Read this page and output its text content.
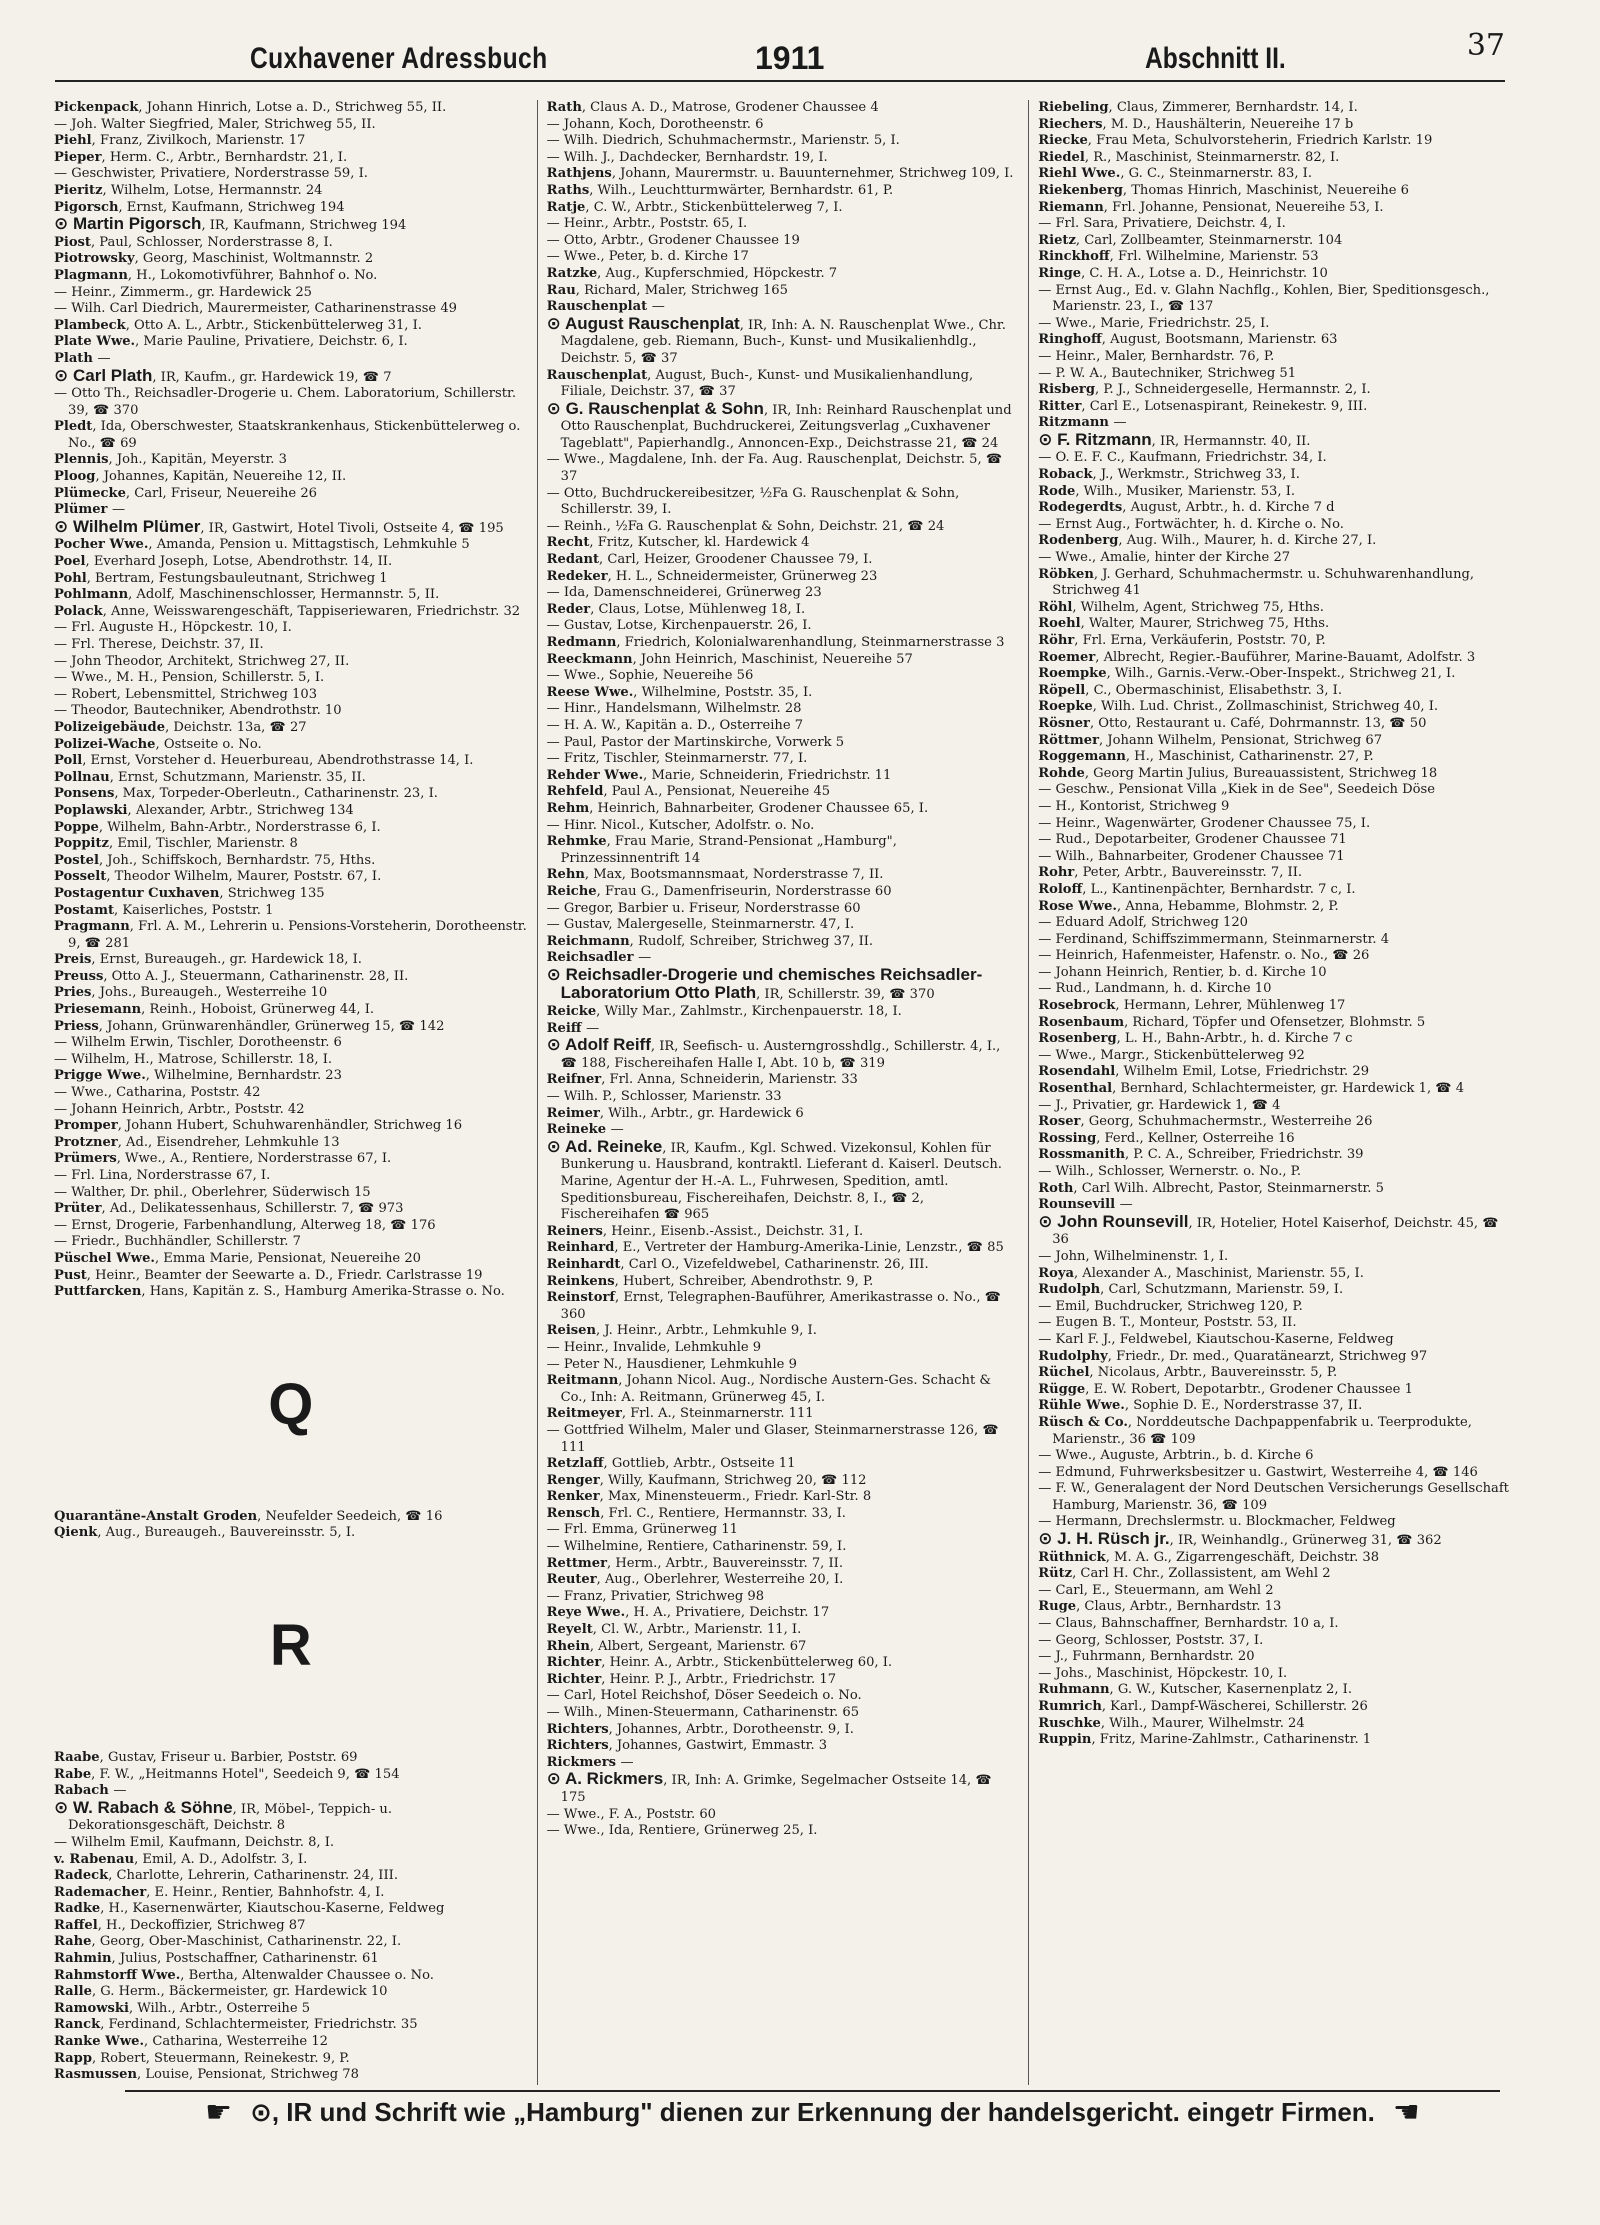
Cuxhavener Adressbuch	1911	Abschnitt II.	37

Pickenpack, Johann Hinrich, Lotse a. D., Strichweg 55, II.

— Joh. Walter Siegfried, Maler, Strichweg 55, II.

Piehl, Franz, Zivilkoch, Marienstr. 17

Pieper, Herm. C., Arbtr., Bernhardstr. 21, I.

— Geschwister, Privatiere, Norderstrasse 59, I.

Pieritz, Wilhelm, Lotse, Hermannstr. 24

Pigorsch, Ernst, Kaufmann, Strichweg 194

⊙ Martin Pigorsch, IR, Kaufmann, Strichweg 194

Piost, Paul, Schlosser, Norderstrasse 8, I.

Piotrowsky, Georg, Maschinist, Woltmannstr. 2

Plagmann, H., Lokomotivführer, Bahnhof o. No.

— Heinr., Zimmerm., gr. Hardewick 25

— Wilh. Carl Diedrich, Maurermeister, Catharinenstrasse 49

Plambeck, Otto A. L., Arbtr., Stickenbüttelerweg 31, I.

Plate Wwe., Marie Pauline, Privatiere, Deichstr. 6, I.

Plath —

⊙ Carl Plath, IR, Kaufm., gr. Hardewick 19, ☎ 7

— Otto Th., Reichsadler-Drogerie u. Chem. Laboratorium, Schillerstr. 39, ☎ 370

Pledt, Ida, Oberschwester, Staatskrankenhaus, Stickenbüttelerweg o. No., ☎ 69

Plennis, Joh., Kapitän, Meyerstr. 3

Ploog, Johannes, Kapitän, Neuereihe 12, II.

Plümecke, Carl, Friseur, Neuereihe 26

Plümer —

⊙ Wilhelm Plümer, IR, Gastwirt, Hotel Tivoli, Ostseite 4, ☎ 195

Pocher Wwe., Amanda, Pension u. Mittagstisch, Lehmkuhle 5

Poel, Everhard Joseph, Lotse, Abendrothstr. 14, II.

Pohl, Bertram, Festungsbauleutnant, Strichweg 1

Pohlmann, Adolf, Maschinenschlosser, Hermannstr. 5, II.

Polack, Anne, Weisswarengeschäft, Tappiseriewaren, Friedrichstr. 32

— Frl. Auguste H., Höpckestr. 10, I.

— Frl. Therese, Deichstr. 37, II.

— John Theodor, Architekt, Strichweg 27, II.

— Wwe., M. H., Pension, Schillerstr. 5, I.

— Robert, Lebensmittel, Strichweg 103

— Theodor, Bautechniker, Abendrothstr. 10

Polizeigebäude, Deichstr. 13a, ☎ 27

Polizei-Wache, Ostseite o. No.

Poll, Ernst, Vorsteher d. Heuerbureau, Abendrothstrasse 14, I.

Pollnau, Ernst, Schutzmann, Marienstr. 35, II.

Ponsens, Max, Torpeder-Oberleutn., Catharinenstr. 23, I.

Poplawski, Alexander, Arbtr., Strichweg 134

Poppe, Wilhelm, Bahn-Arbtr., Norderstrasse 6, I.

Poppitz, Emil, Tischler, Marienstr. 8

Postel, Joh., Schiffskoch, Bernhardstr. 75, Hths.

Posselt, Theodor Wilhelm, Maurer, Poststr. 67, I.

Postagentur Cuxhaven, Strichweg 135

Postamt, Kaiserliches, Poststr. 1

Pragmann, Frl. A. M., Lehrerin u. Pensions-Vorsteherin, Dorotheenstr. 9, ☎ 281

Preis, Ernst, Bureaugeh., gr. Hardewick 18, I.

Preuss, Otto A. J., Steuermann, Catharinenstr. 28, II.

Pries, Johs., Bureaugeh., Westerreihe 10

Priesemann, Reinh., Hoboist, Grünerweg 44, I.

Priess, Johann, Grünwarenhändler, Grünerweg 15, ☎ 142

— Wilhelm Erwin, Tischler, Dorotheenstr. 6

— Wilhelm, H., Matrose, Schillerstr. 18, I.

Prigge Wwe., Wilhelmine, Bernhardstr. 23

— Wwe., Catharina, Poststr. 42

— Johann Heinrich, Arbtr., Poststr. 42

Promper, Johann Hubert, Schuhwarenhändler, Strichweg 16

Protzner, Ad., Eisendreher, Lehmkuhle 13

Prümers, Wwe., A., Rentiere, Norderstrasse 67, I.

— Frl. Lina, Norderstrasse 67, I.

— Walther, Dr. phil., Oberlehrer, Süderwisch 15

Prüter, Ad., Delikatessenhaus, Schillerstr. 7, ☎ 973

— Ernst, Drogerie, Farbenhandlung, Alterweg 18, ☎ 176

— Friedr., Buchhändler, Schillerstr. 7

Püschel Wwe., Emma Marie, Pensionat, Neuereihe 20

Pust, Heinr., Beamter der Seewarte a. D., Friedr. Carlstrasse 19

Puttfarcken, Hans, Kapitän z. S., Hamburg Amerika-Strasse o. No.

Q

Quarantäne-Anstalt Groden, Neufelder Seedeich, ☎ 16

Qienk, Aug., Bureaugeh., Bauvereinsstr. 5, I.

R

Raabe, Gustav, Friseur u. Barbier, Poststr. 69

Rabe, F. W., „Heitmanns Hotel", Seedeich 9, ☎ 154

Rabach —

⊙ W. Rabach & Söhne, IR, Möbel-, Teppich- u. Dekorationsgeschäft, Deichstr. 8

— Wilhelm Emil, Kaufmann, Deichstr. 8, I.

v. Rabenau, Emil, A. D., Adolfstr. 3, I.

Radeck, Charlotte, Lehrerin, Catharinenstr. 24, III.

Rademacher, E. Heinr., Rentier, Bahnhofstr. 4, I.

Radke, H., Kasernenwärter, Kiautschou-Kaserne, Feldweg

Raffel, H., Deckoffizier, Strichweg 87

Rahe, Georg, Ober-Maschinist, Catharinenstr. 22, I.

Rahmin, Julius, Postschaffner, Catharinenstr. 61

Rahmstorff Wwe., Bertha, Altenwalder Chaussee o. No.

Ralle, G. Herm., Bäckermeister, gr. Hardewick 10

Ramowski, Wilh., Arbtr., Osterreihe 5

Ranck, Ferdinand, Schlachtermeister, Friedrichstr. 35

Ranke Wwe., Catharina, Westerreihe 12

Rapp, Robert, Steuermann, Reinekestr. 9, P.

Rasmussen, Louise, Pensionat, Strichweg 78

Rath, Claus A. D., Matrose, Grodener Chaussee 4

— Johann, Koch, Dorotheenstr. 6

— Wilh. Diedrich, Schuhmachermstr., Marienstr. 5, I.

— Wilh. J., Dachdecker, Bernhardstr. 19, I.

Rathjens, Johann, Maurermstr. u. Bauunternehmer, Strichweg 109, I.

Raths, Wilh., Leuchtturmwärter, Bernhardstr. 61, P.

Ratje, C. W., Arbtr., Stickenbüttelerweg 7, I.

— Heinr., Arbtr., Poststr. 65, I.

— Otto, Arbtr., Grodener Chaussee 19

— Wwe., Peter, b. d. Kirche 17

Ratzke, Aug., Kupferschmied, Höpckestr. 7

Rau, Richard, Maler, Strichweg 165

Rauschenplat —

⊙ August Rauschenplat, IR, Inh: A. N. Rauschenplat Wwe., Chr. Magdalene, geb. Riemann, Buch-, Kunst- und Musikalienhdlg., Deichstr. 5, ☎ 37

Rauschenplat, August, Buch-, Kunst- und Musikalienhandlung, Filiale, Deichstr. 37, ☎ 37

⊙ G. Rauschenplat & Sohn, IR, Inh: Reinhard Rauschenplat und Otto Rauschenplat, Buchdruckerei, Zeitungsverlag „Cuxhavener Tageblatt", Papierhandlg., Annoncen-Exp., Deichstrasse 21, ☎ 24

— Wwe., Magdalene, Inh. der Fa. Aug. Rauschenplat, Deichstr. 5, ☎ 37

— Otto, Buchdruckereibesitzer, ½Fa G. Rauschenplat & Sohn, Schillerstr. 39, I.

— Reinh., ½Fa G. Rauschenplat & Sohn, Deichstr. 21, ☎ 24

Recht, Fritz, Kutscher, kl. Hardewick 4

Redant, Carl, Heizer, Groodener Chaussee 79, I.

Redeker, H. L., Schneidermeister, Grünerweg 23

— Ida, Damenschneiderei, Grünerweg 23

Reder, Claus, Lotse, Mühlenweg 18, I.

— Gustav, Lotse, Kirchenpauerstr. 26, I.

Redmann, Friedrich, Kolonialwarenhandlung, Steinmarnerstrasse 3

Reeckmann, John Heinrich, Maschinist, Neuereihe 57

— Wwe., Sophie, Neuereihe 56

Reese Wwe., Wilhelmine, Poststr. 35, I.

— Hinr., Handelsmann, Wilhelmstr. 28

— H. A. W., Kapitän a. D., Osterreihe 7

— Paul, Pastor der Martinskirche, Vorwerk 5

— Fritz, Tischler, Steinmarnerstr. 77, I.

Rehder Wwe., Marie, Schneiderin, Friedrichstr. 11

Rehfeld, Paul A., Pensionat, Neuereihe 45

Rehm, Heinrich, Bahnarbeiter, Grodener Chaussee 65, I.

— Hinr. Nicol., Kutscher, Adolfstr. o. No.

Rehmke, Frau Marie, Strand-Pensionat „Hamburg", Prinzessinnentrift 14

Rehn, Max, Bootsmannsmaat, Norderstrasse 7, II.

Reiche, Frau G., Damenfriseurin, Norderstrasse 60

— Gregor, Barbier u. Friseur, Norderstrasse 60

— Gustav, Malergeselle, Steinmarnerstr. 47, I.

Reichmann, Rudolf, Schreiber, Strichweg 37, II.

Reichsadler —

⊙ Reichsadler-Drogerie und chemisches Reichsadler-Laboratorium Otto Plath, IR, Schillerstr. 39, ☎ 370

Reicke, Willy Mar., Zahlmstr., Kirchenpauerstr. 18, I.

Reiff —

⊙ Adolf Reiff, IR, Seefisch- u. Austerngrosshdlg., Schillerstr. 4, I., ☎ 188, Fischereihafen Halle I, Abt. 10 b, ☎ 319

Reifner, Frl. Anna, Schneiderin, Marienstr. 33

— Wilh. P., Schlosser, Marienstr. 33

Reimer, Wilh., Arbtr., gr. Hardewick 6

Reineke —

⊙ Ad. Reineke, IR, Kaufm., Kgl. Schwed. Vizekonsul, Kohlen für Bunkerung u. Hausbrand, kontraktl. Lieferant d. Kaiserl. Deutsch. Marine, Agentur der H.-A. L., Fuhrwesen, Spedition, amtl. Speditionsbureau, Fischereihafen, Deichstr. 8, I., ☎ 2, Fischereihafen ☎ 965

Reiners, Heinr., Eisenb.-Assist., Deichstr. 31, I.

Reinhard, E., Vertreter der Hamburg-Amerika-Linie, Lenzstr., ☎ 85

Reinhardt, Carl O., Vizefeldwebel, Catharinenstr. 26, III.

Reinkens, Hubert, Schreiber, Abendrothstr. 9, P.

Reinstorf, Ernst, Telegraphen-Bauführer, Amerikastrasse o. No., ☎ 360

Reisen, J. Heinr., Arbtr., Lehmkuhle 9, I.

— Heinr., Invalide, Lehmkuhle 9

— Peter N., Hausdiener, Lehmkuhle 9

Reitmann, Johann Nicol. Aug., Nordische Austern-Ges. Schacht & Co., Inh: A. Reitmann, Grünerweg 45, I.

Reitmeyer, Frl. A., Steinmarnerstr. 111

— Gottfried Wilhelm, Maler und Glaser, Steinmarnerstrasse 126, ☎ 111

Retzlaff, Gottlieb, Arbtr., Ostseite 11

Renger, Willy, Kaufmann, Strichweg 20, ☎ 112

Renker, Max, Minensteuerm., Friedr. Karl-Str. 8

Rensch, Frl. C., Rentiere, Hermannstr. 33, I.

— Frl. Emma, Grünerweg 11

— Wilhelmine, Rentiere, Catharinenstr. 59, I.

Rettmer, Herm., Arbtr., Bauvereinsstr. 7, II.

Reuter, Aug., Oberlehrer, Westerreihe 20, I.

— Franz, Privatier, Strichweg 98

Reye Wwe., H. A., Privatiere, Deichstr. 17

Reyelt, Cl. W., Arbtr., Marienstr. 11, I.

Rhein, Albert, Sergeant, Marienstr. 67

Richter, Heinr. A., Arbtr., Stickenbüttelerweg 60, I.

Richter, Heinr. P. J., Arbtr., Friedrichstr. 17

— Carl, Hotel Reichshof, Döser Seedeich o. No.

— Wilh., Minen-Steuermann, Catharinenstr. 65

Richters, Johannes, Arbtr., Dorotheenstr. 9, I.

Richters, Johannes, Gastwirt, Emmastr. 3

Rickmers —

⊙ A. Rickmers, IR, Inh: A. Grimke, Segelmacher Ostseite 14, ☎ 175

— Wwe., F. A., Poststr. 60

— Wwe., Ida, Rentiere, Grünerweg 25, I.

Riebeling, Claus, Zimmerer, Bernhardstr. 14, I.

Riechers, M. D., Haushälterin, Neuereihe 17 b

Riecke, Frau Meta, Schulvorsteherin, Friedrich Karlstr. 19

Riedel, R., Maschinist, Steinmarnerstr. 82, I.

Riehl Wwe., G. C., Steinmarnerstr. 83, I.

Riekenberg, Thomas Hinrich, Maschinist, Neuereihe 6

Riemann, Frl. Johanne, Pensionat, Neuereihe 53, I.

— Frl. Sara, Privatiere, Deichstr. 4, I.

Rietz, Carl, Zollbeamter, Steinmarnerstr. 104

Rinckhoff, Frl. Wilhelmine, Marienstr. 53

Ringe, C. H. A., Lotse a. D., Heinrichstr. 10

— Ernst Aug., Ed. v. Glahn Nachflg., Kohlen, Bier, Speditionsgesch., Marienstr. 23, I., ☎ 137

— Wwe., Marie, Friedrichstr. 25, I.

Ringhoff, August, Bootsmann, Marienstr. 63

— Heinr., Maler, Bernhardstr. 76, P.

— P. W. A., Bautechniker, Strichweg 51

Risberg, P. J., Schneidergeselle, Hermannstr. 2, I.

Ritter, Carl E., Lotsenaspirant, Reinekestr. 9, III.

Ritzmann —

⊙ F. Ritzmann, IR, Hermannstr. 40, II.

— O. E. F. C., Kaufmann, Friedrichstr. 34, I.

Roback, J., Werkmstr., Strichweg 33, I.

Rode, Wilh., Musiker, Marienstr. 53, I.

Rodegerdts, August, Arbtr., h. d. Kirche 7 d

— Ernst Aug., Fortwächter, h. d. Kirche o. No.

Rodenberg, Aug. Wilh., Maurer, h. d. Kirche 27, I.

— Wwe., Amalie, hinter der Kirche 27

Röbken, J. Gerhard, Schuhmachermstr. u. Schuhwarenhandlung, Strichweg 41

Röhl, Wilhelm, Agent, Strichweg 75, Hths.

Roehl, Walter, Maurer, Strichweg 75, Hths.

Röhr, Frl. Erna, Verkäuferin, Poststr. 70, P.

Roemer, Albrecht, Regier.-Bauführer, Marine-Bauamt, Adolfstr. 3

Roempke, Wilh., Garnis.-Verw.-Ober-Inspekt., Strichweg 21, I.

Röpell, C., Obermaschinist, Elisabethstr. 3, I.

Roepke, Wilh. Lud. Christ., Zollmaschinist, Strichweg 40, I.

Rösner, Otto, Restaurant u. Café, Dohrmannstr. 13, ☎ 50

Röttmer, Johann Wilhelm, Pensionat, Strichweg 67

Roggemann, H., Maschinist, Catharinenstr. 27, P.

Rohde, Georg Martin Julius, Bureauassistent, Strichweg 18

— Geschw., Pensionat Villa „Kiek in de See", Seedeich Döse

— H., Kontorist, Strichweg 9

— Heinr., Wagenwärter, Grodener Chaussee 75, I.

— Rud., Depotarbeiter, Grodener Chaussee 71

— Wilh., Bahnarbeiter, Grodener Chaussee 71

Rohr, Peter, Arbtr., Bauvereinsstr. 7, II.

Roloff, L., Kantinenpächter, Bernhardstr. 7 c, I.

Rose Wwe., Anna, Hebamme, Blohmstr. 2, P.

— Eduard Adolf, Strichweg 120

— Ferdinand, Schiffszimmermann, Steinmarnerstr. 4

— Heinrich, Hafenmeister, Hafenstr. o. No., ☎ 26

— Johann Heinrich, Rentier, b. d. Kirche 10

— Rud., Landmann, h. d. Kirche 10

Rosebrock, Hermann, Lehrer, Mühlenweg 17

Rosenbaum, Richard, Töpfer und Ofensetzer, Blohmstr. 5

Rosenberg, L. H., Bahn-Arbtr., h. d. Kirche 7 c

— Wwe., Margr., Stickenbüttelerweg 92

Rosendahl, Wilhelm Emil, Lotse, Friedrichstr. 29

Rosenthal, Bernhard, Schlachtermeister, gr. Hardewick 1, ☎ 4

— J., Privatier, gr. Hardewick 1, ☎ 4

Roser, Georg, Schuhmachermstr., Westerreihe 26

Rossing, Ferd., Kellner, Osterreihe 16

Rossmanith, P. C. A., Schreiber, Friedrichstr. 39

— Wilh., Schlosser, Wernerstr. o. No., P.

Roth, Carl Wilh. Albrecht, Pastor, Steinmarnerstr. 5

Rounsevill —

⊙ John Rounsevill, IR, Hotelier, Hotel Kaiserhof, Deichstr. 45, ☎ 36

— John, Wilhelminenstr. 1, I.

Roya, Alexander A., Maschinist, Marienstr. 55, I.

Rudolph, Carl, Schutzmann, Marienstr. 59, I.

— Emil, Buchdrucker, Strichweg 120, P.

— Eugen B. T., Monteur, Poststr. 53, II.

— Karl F. J., Feldwebel, Kiautschou-Kaserne, Feldweg

Rudolphy, Friedr., Dr. med., Quaratänearzt, Strichweg 97

Rüchel, Nicolaus, Arbtr., Bauvereinsstr. 5, P.

Rügge, E. W. Robert, Depotarbtr., Grodener Chaussee 1

Rühle Wwe., Sophie D. E., Norderstrasse 37, II.

Rüsch & Co., Norddeutsche Dachpappenfabrik u. Teerprodukte, Marienstr., 36 ☎ 109

— Wwe., Auguste, Arbtrin., b. d. Kirche 6

— Edmund, Fuhrwerksbesitzer u. Gastwirt, Westerreihe 4, ☎ 146

— F. W., Generalagent der Nord Deutschen Versicherungs Gesellschaft Hamburg, Marienstr. 36, ☎ 109

— Hermann, Drechslermstr. u. Blockmacher, Feldweg

⊙ J. H. Rüsch jr., IR, Weinhandlg., Grünerweg 31, ☎ 362

Rüthnick, M. A. G., Zigarrengeschäft, Deichstr. 38

Rütz, Carl H. Chr., Zollassistent, am Wehl 2

— Carl, E., Steuermann, am Wehl 2

Ruge, Claus, Arbtr., Bernhardstr. 13

— Claus, Bahnschaffner, Bernhardstr. 10 a, I.

— Georg, Schlosser, Poststr. 37, I.

— J., Fuhrmann, Bernhardstr. 20

— Johs., Maschinist, Höpckestr. 10, I.

Ruhmann, G. W., Kutscher, Kasernenplatz 2, I.

Rumrich, Karl., Dampf-Wäscherei, Schillerstr. 26

Ruschke, Wilh., Maurer, Wilhelmstr. 24

Ruppin, Fritz, Marine-Zahlmstr., Catharinenstr. 1

☛ ⊙, IR und Schrift wie „Hamburg" dienen zur Erkennung der handelsgericht. eingetr Firmen. ☚
